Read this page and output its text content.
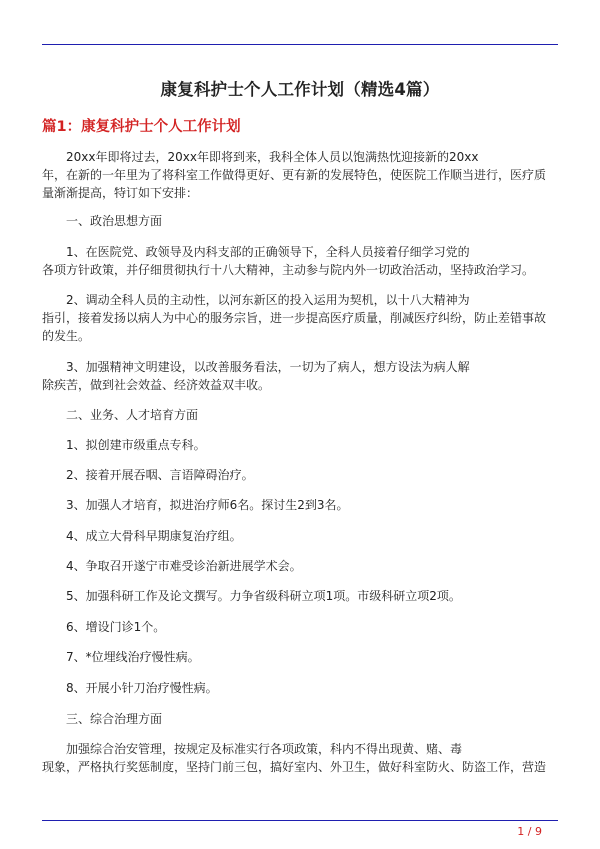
康复科护士个人工作计划（精选4篇）
篇1：康复科护士个人工作计划
20xx年即将过去，20xx年即将到来，我科全体人员以饱满热忱迎接新的20xx
年，在新的一年里为了将科室工作做得更好、更有新的发展特色，使医院工作顺当进行，医疗质
量渐渐提高，特订如下安排：
一、政治思想方面
1、在医院党、政领导及内科支部的正确领导下，全科人员接着仔细学习党的
各项方针政策，并仔细贯彻执行十八大精神，主动参与院内外一切政治活动，坚持政治学习。
2、调动全科人员的主动性，以河东新区的投入运用为契机，以十八大精神为
指引，接着发扬以病人为中心的服务宗旨，进一步提高医疗质量，削减医疗纠纷，防止差错事故
的发生。
3、加强精神文明建设，以改善服务看法，一切为了病人，想方设法为病人解
除疾苦，做到社会效益、经济效益双丰收。
二、业务、人才培育方面
1、拟创建市级重点专科。
2、接着开展吞咽、言语障碍治疗。
3、加强人才培育，拟进治疗师6名。探讨生2到3名。
4、成立大骨科早期康复治疗组。
4、争取召开遂宁市难受诊治新进展学术会。
5、加强科研工作及论文撰写。力争省级科研立项1项。市级科研立项2项。
6、增设门诊1个。
7、*位埋线治疗慢性病。
8、开展小针刀治疗慢性病。
三、综合治理方面
加强综合治安管理，按规定及标准实行各项政策，科内不得出现黄、赌、毒
现象，严格执行奖惩制度，坚持门前三包，搞好室内、外卫生，做好科室防火、防盗工作，营造
1 / 9
